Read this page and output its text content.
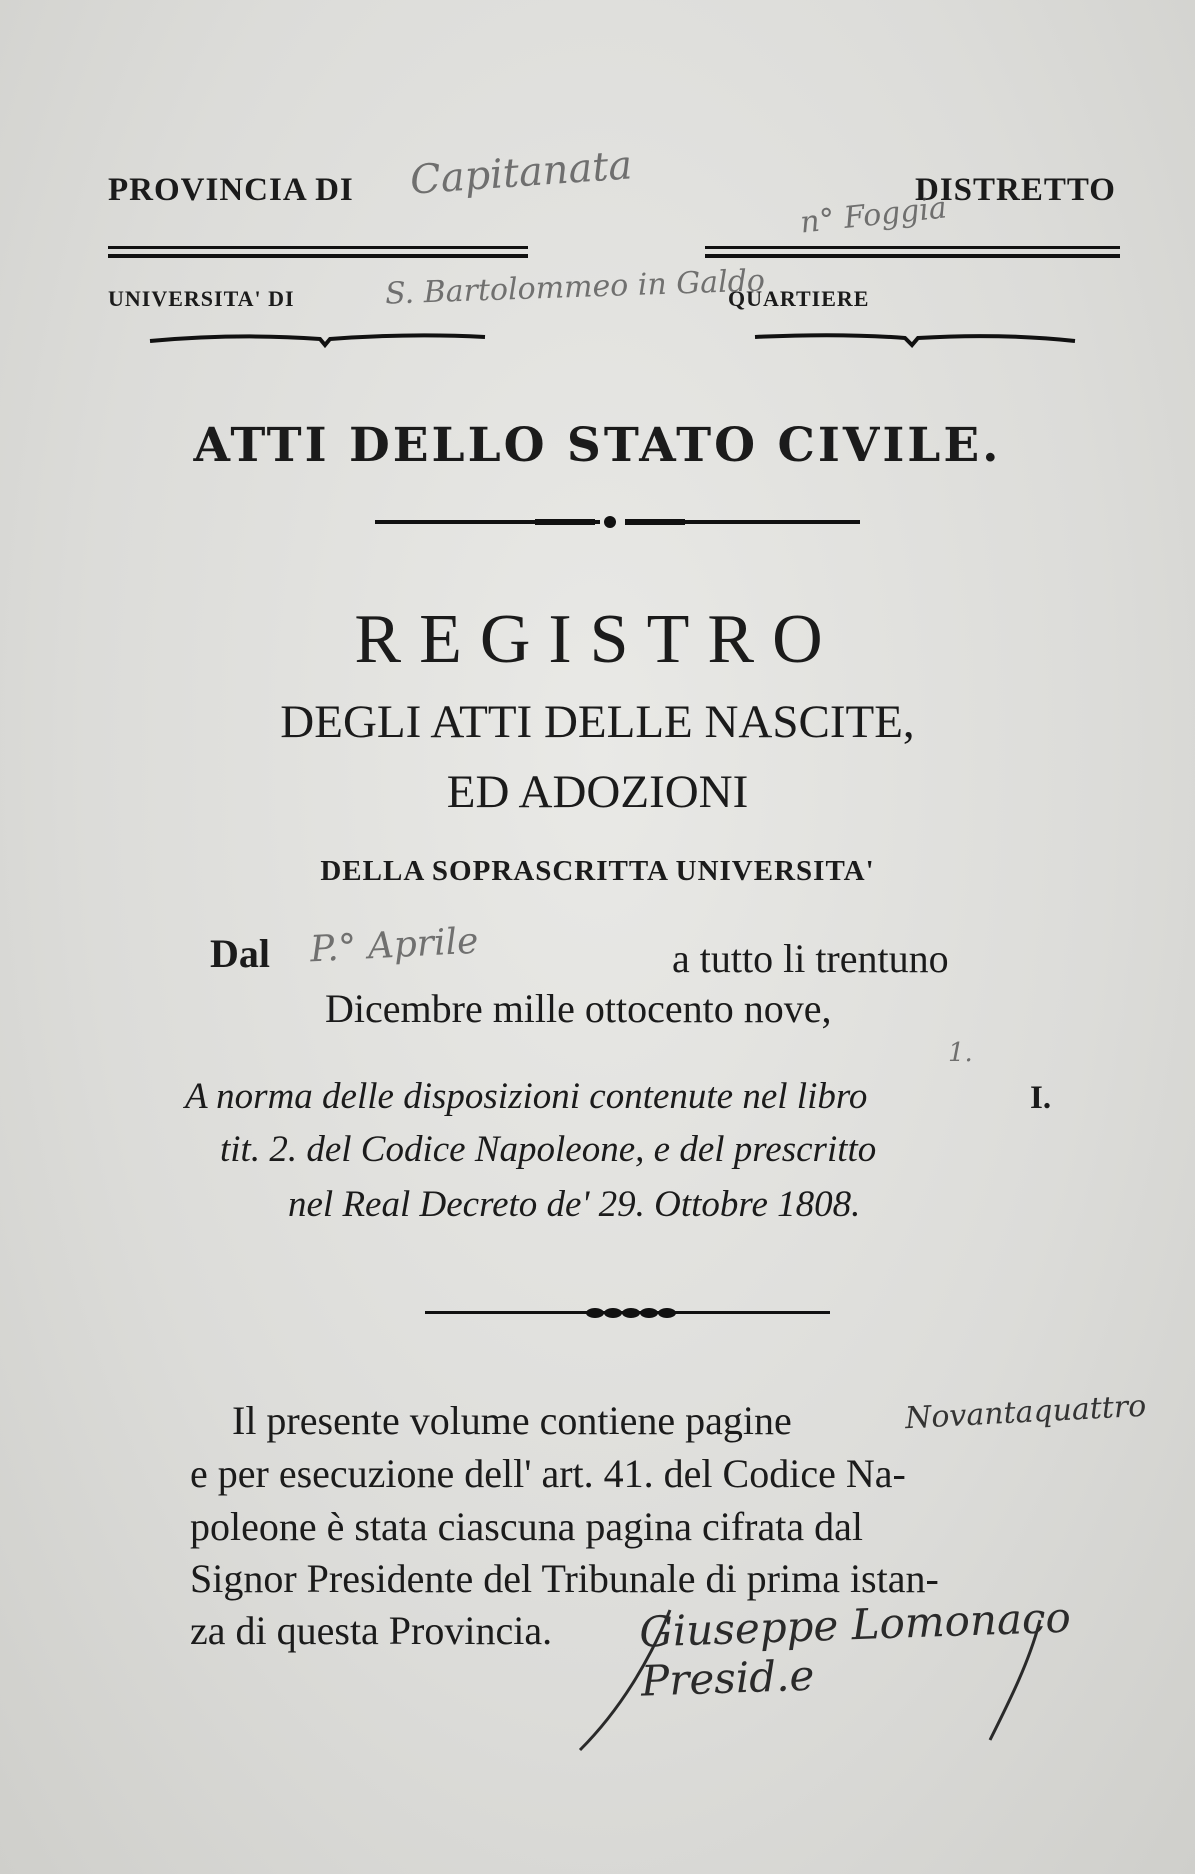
PROVINCIA DI Capitanata	DISTRETTO
n° Foggia
UNIVERSITA' DI	S. Bartolommeo in Galdo
QUARTIERE
ATTI DELLO STATO CIVILE.
REGISTRO
DEGLI ATTI DELLE NASCITE,
ED ADOZIONI
DELLA SOPRASCRITTA UNIVERSITA'
Dal P.° Aprile	a tutto li trentuno
Dicembre mille ottocento nove,
1.
A norma delle disposizioni contenute nel libro	I.
tit. 2. del Codice Napoleone, e del prescritto
nel Real Decreto de' 29. Ottobre 1808.
Il presente volume contiene pagine	Novantaquattro
e per esecuzione dell' art. 41. del Codice Na-
poleone è stata ciascuna pagina cifrata dal
Signor Presidente del Tribunale di prima istan-
za di questa Provincia. Giuseppe Lomonaco Presid.e
